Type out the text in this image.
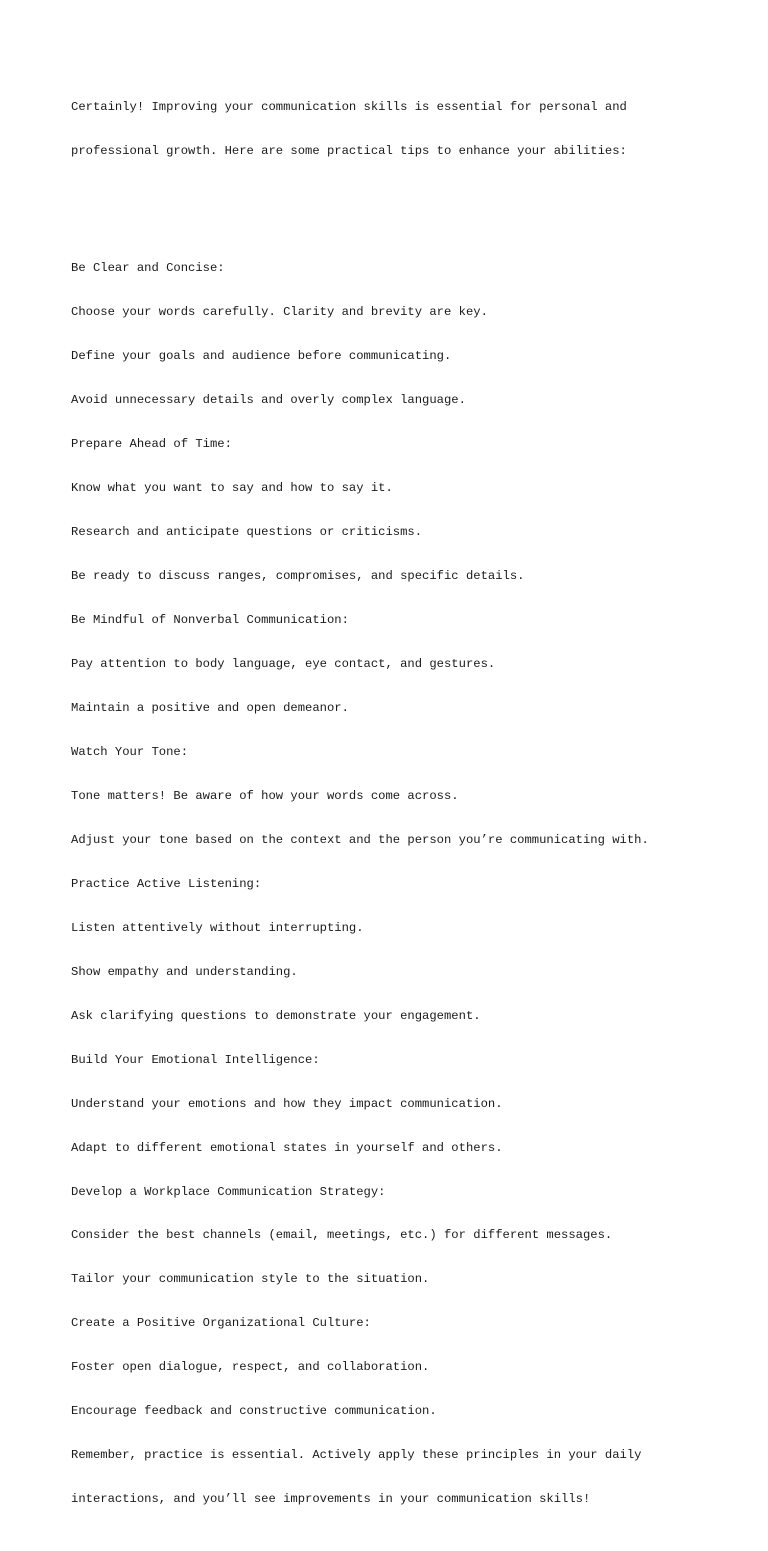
Certainly! Improving your communication skills is essential for personal and

professional growth. Here are some practical tips to enhance your abilities:

Be Clear and Concise:

Choose your words carefully. Clarity and brevity are key.

Define your goals and audience before communicating.

Avoid unnecessary details and overly complex language.

Prepare Ahead of Time:

Know what you want to say and how to say it.

Research and anticipate questions or criticisms.

Be ready to discuss ranges, compromises, and specific details.

Be Mindful of Nonverbal Communication:

Pay attention to body language, eye contact, and gestures.

Maintain a positive and open demeanor.

Watch Your Tone:

Tone matters! Be aware of how your words come across.

Adjust your tone based on the context and the person you’re communicating with.

Practice Active Listening:

Listen attentively without interrupting.

Show empathy and understanding.

Ask clarifying questions to demonstrate your engagement.

Build Your Emotional Intelligence:

Understand your emotions and how they impact communication.

Adapt to different emotional states in yourself and others.

Develop a Workplace Communication Strategy:

Consider the best channels (email, meetings, etc.) for different messages.

Tailor your communication style to the situation.

Create a Positive Organizational Culture:

Foster open dialogue, respect, and collaboration.

Encourage feedback and constructive communication.

Remember, practice is essential. Actively apply these principles in your daily

interactions, and you’ll see improvements in your communication skills!
